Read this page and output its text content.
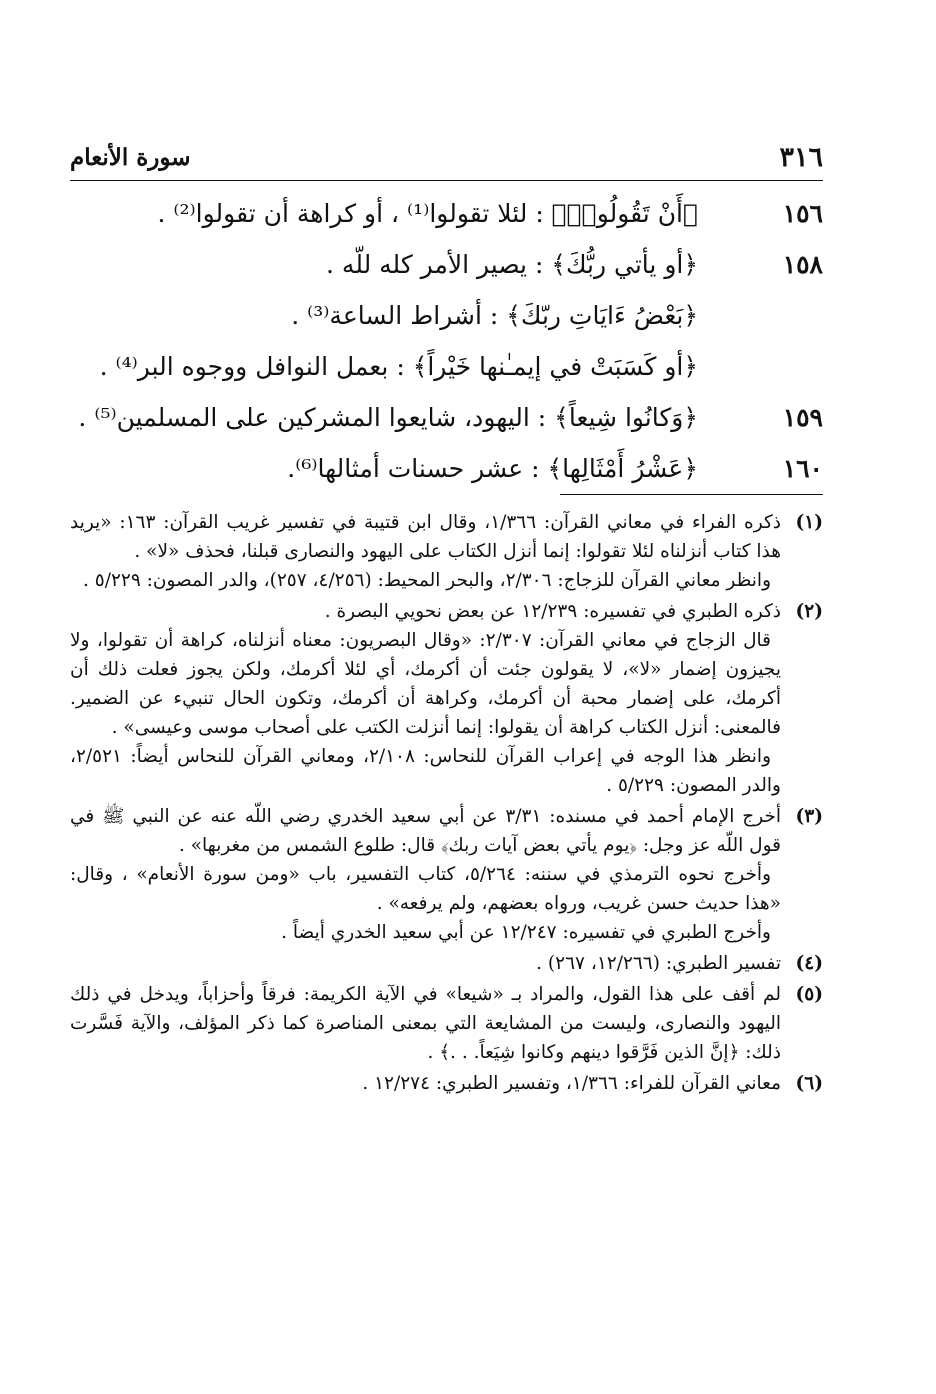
٣١٦
سورة الأنعام
١٥٦
﴿أَنْ تَقُولُوا۟﴾ : لئلا تقولوا⁽¹⁾ ، أو كراهة أن تقولوا⁽²⁾ .
١٥٨
﴿أو يأتي ربُّكَ﴾ : يصير الأمر كله للّه .
﴿بَعْضُ ءَايَاتِ ربّكَ﴾ : أشراط الساعة⁽³⁾ .
﴿أو كَسَبَتْ في إيمـٰنها خَيْراً﴾ : بعمل النوافل ووجوه البر⁽⁴⁾ .
١٥٩
﴿وَكانُوا شِيعاً﴾ : اليهود، شايعوا المشركين على المسلمين⁽⁵⁾ .
١٦٠
﴿عَشْرُ أَمْثَالِها﴾ : عشر حسنات أمثالها⁽⁶⁾.
(١)
ذكره الفراء في معاني القرآن: ١/٣٦٦، وقال ابن قتيبة في تفسير غريب القرآن: ١٦٣: «يريد هذا كتاب أنزلناه لئلا تقولوا: إنما أنزل الكتاب على اليهود والنصارى قبلنا، فحذف «لا» .
وانظر معاني القرآن للزجاج: ٢/٣٠٦، والبحر المحيط: (٤/٢٥٦، ٢٥٧)، والدر المصون: ٥/٢٢٩ .
(٢)
ذكره الطبري في تفسيره: ١٢/٢٣٩ عن بعض نحويي البصرة .
قال الزجاج في معاني القرآن: ٢/٣٠٧: «وقال البصريون: معناه أنزلناه، كراهة أن تقولوا، ولا يجيزون إضمار «لا»، لا يقولون جئت أن أكرمك، أي لئلا أكرمك، ولكن يجوز فعلت ذلك أن أكرمك، على إضمار محبة أن أكرمك، وكراهة أن أكرمك، وتكون الحال تنبيء عن الضمير. فالمعنى: أنزل الكتاب كراهة أن يقولوا: إنما أنزلت الكتب على أصحاب موسى وعيسى» .
وانظر هذا الوجه في إعراب القرآن للنحاس: ٢/١٠٨، ومعاني القرآن للنحاس أيضاً: ٢/٥٢١، والدر المصون: ٥/٢٢٩ .
(٣)
أخرج الإمام أحمد في مسنده: ٣/٣١ عن أبي سعيد الخدري رضي اللّه عنه عن النبي ﷺ في قول اللّه عز وجل: ﴿يوم يأتي بعض آيات ربك﴾ قال: طلوع الشمس من مغربها» .
وأخرج نحوه الترمذي في سننه: ٥/٢٦٤، كتاب التفسير، باب «ومن سورة الأنعام» ، وقال: «هذا حديث حسن غريب، ورواه بعضهم، ولم يرفعه» .
وأخرج الطبري في تفسيره: ١٢/٢٤٧ عن أبي سعيد الخدري أيضاً .
(٤)
تفسير الطبري: (١٢/٢٦٦، ٢٦٧) .
(٥)
لم أقف على هذا القول، والمراد بـ «شيعا» في الآية الكريمة: فرقاً وأحزاباً، ويدخل في ذلك اليهود والنصارى، وليست من المشايعة التي بمعنى المناصرة كما ذكر المؤلف، والآية فَسَّرت ذلك: ﴿إنَّ الذين فَرَّقوا دينهم وكانوا شِيَعاً. . .﴾ .
(٦)
معاني القرآن للفراء: ١/٣٦٦، وتفسير الطبري: ١٢/٢٧٤ .
